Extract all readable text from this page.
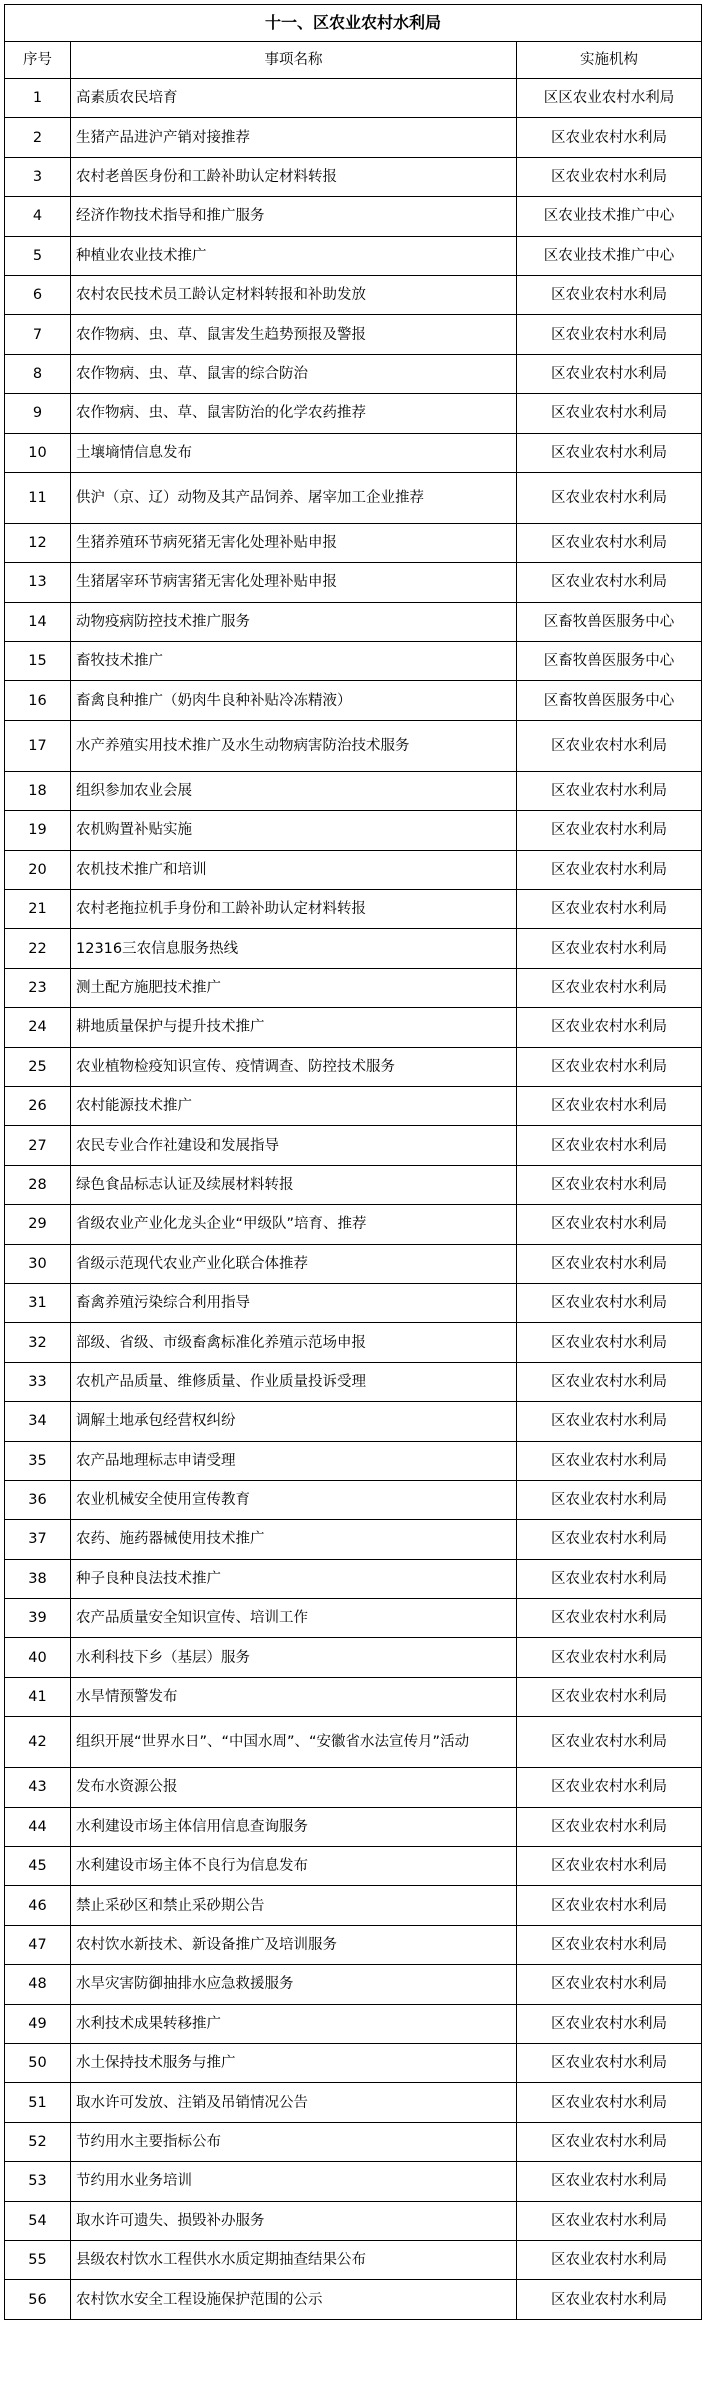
十一、区农业农村水利局		
序号	事项名称	实施机构
1	高素质农民培育	区区农业农村水利局
2	生猪产品进沪产销对接推荐	区农业农村水利局
3	农村老兽医身份和工龄补助认定材料转报	区农业农村水利局
4	经济作物技术指导和推广服务	区农业技术推广中心
5	种植业农业技术推广	区农业技术推广中心
6	农村农民技术员工龄认定材料转报和补助发放	区农业农村水利局
7	农作物病、虫、草、鼠害发生趋势预报及警报	区农业农村水利局
8	农作物病、虫、草、鼠害的综合防治	区农业农村水利局
9	农作物病、虫、草、鼠害防治的化学农药推荐	区农业农村水利局
10	土壤墒情信息发布	区农业农村水利局
11	供沪（京、辽）动物及其产品饲养、屠宰加工企业推荐	区农业农村水利局
12	生猪养殖环节病死猪无害化处理补贴申报	区农业农村水利局
13	生猪屠宰环节病害猪无害化处理补贴申报	区农业农村水利局
14	动物疫病防控技术推广服务	区畜牧兽医服务中心
15	畜牧技术推广	区畜牧兽医服务中心
16	畜禽良种推广（奶肉牛良种补贴冷冻精液）	区畜牧兽医服务中心
17	水产养殖实用技术推广及水生动物病害防治技术服务	区农业农村水利局
18	组织参加农业会展	区农业农村水利局
19	农机购置补贴实施	区农业农村水利局
20	农机技术推广和培训	区农业农村水利局
21	农村老拖拉机手身份和工龄补助认定材料转报	区农业农村水利局
22	12316三农信息服务热线	区农业农村水利局
23	测土配方施肥技术推广	区农业农村水利局
24	耕地质量保护与提升技术推广	区农业农村水利局
25	农业植物检疫知识宣传、疫情调查、防控技术服务	区农业农村水利局
26	农村能源技术推广	区农业农村水利局
27	农民专业合作社建设和发展指导	区农业农村水利局
28	绿色食品标志认证及续展材料转报	区农业农村水利局
29	省级农业产业化龙头企业“甲级队”培育、推荐	区农业农村水利局
30	省级示范现代农业产业化联合体推荐	区农业农村水利局
31	畜禽养殖污染综合利用指导	区农业农村水利局
32	部级、省级、市级畜禽标准化养殖示范场申报	区农业农村水利局
33	农机产品质量、维修质量、作业质量投诉受理	区农业农村水利局
34	调解土地承包经营权纠纷	区农业农村水利局
35	农产品地理标志申请受理	区农业农村水利局
36	农业机械安全使用宣传教育	区农业农村水利局
37	农药、施药器械使用技术推广	区农业农村水利局
38	种子良种良法技术推广	区农业农村水利局
39	农产品质量安全知识宣传、培训工作	区农业农村水利局
40	水利科技下乡（基层）服务	区农业农村水利局
41	水旱情预警发布	区农业农村水利局
42	组织开展“世界水日”、“中国水周”、“安徽省水法宣传月”活动	区农业农村水利局
43	发布水资源公报	区农业农村水利局
44	水利建设市场主体信用信息查询服务	区农业农村水利局
45	水利建设市场主体不良行为信息发布	区农业农村水利局
46	禁止采砂区和禁止采砂期公告	区农业农村水利局
47	农村饮水新技术、新设备推广及培训服务	区农业农村水利局
48	水旱灾害防御抽排水应急救援服务	区农业农村水利局
49	水利技术成果转移推广	区农业农村水利局
50	水土保持技术服务与推广	区农业农村水利局
51	取水许可发放、注销及吊销情况公告	区农业农村水利局
52	节约用水主要指标公布	区农业农村水利局
53	节约用水业务培训	区农业农村水利局
54	取水许可遗失、损毁补办服务	区农业农村水利局
55	县级农村饮水工程供水水质定期抽查结果公布	区农业农村水利局
56	农村饮水安全工程设施保护范围的公示	区农业农村水利局
